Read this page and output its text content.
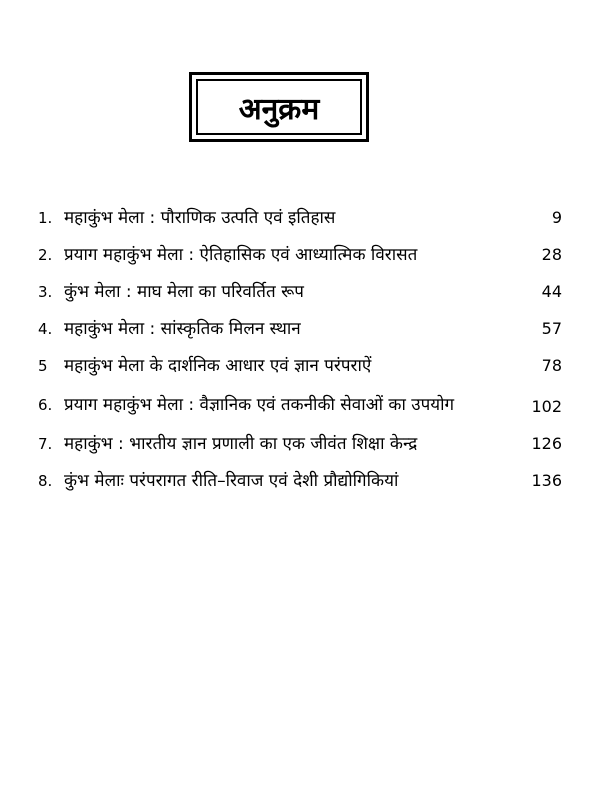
अनुक्रम
1. महाकुंभ मेला : पौराणिक उत्पति एवं इतिहास	9
2. प्रयाग महाकुंभ मेला : ऐतिहासिक एवं आध्यात्मिक विरासत	28
3. कुंभ मेला : माघ मेला का परिवर्तित रूप	44
4. महाकुंभ मेला : सांस्कृतिक मिलन स्थान	57
5 महाकुंभ मेला के दार्शनिक आधार एवं ज्ञान परंपराऐं	78
6. प्रयाग महाकुंभ मेला : वैज्ञानिक एवं तकनीकी सेवाओं का उपयोग	102
7. महाकुंभ : भारतीय ज्ञान प्रणाली का एक जीवंत शिक्षा केन्द्र	126
8. कुंभ मेलाः परंपरागत रीति–रिवाज एवं देशी प्रौद्योगिकियां	136
